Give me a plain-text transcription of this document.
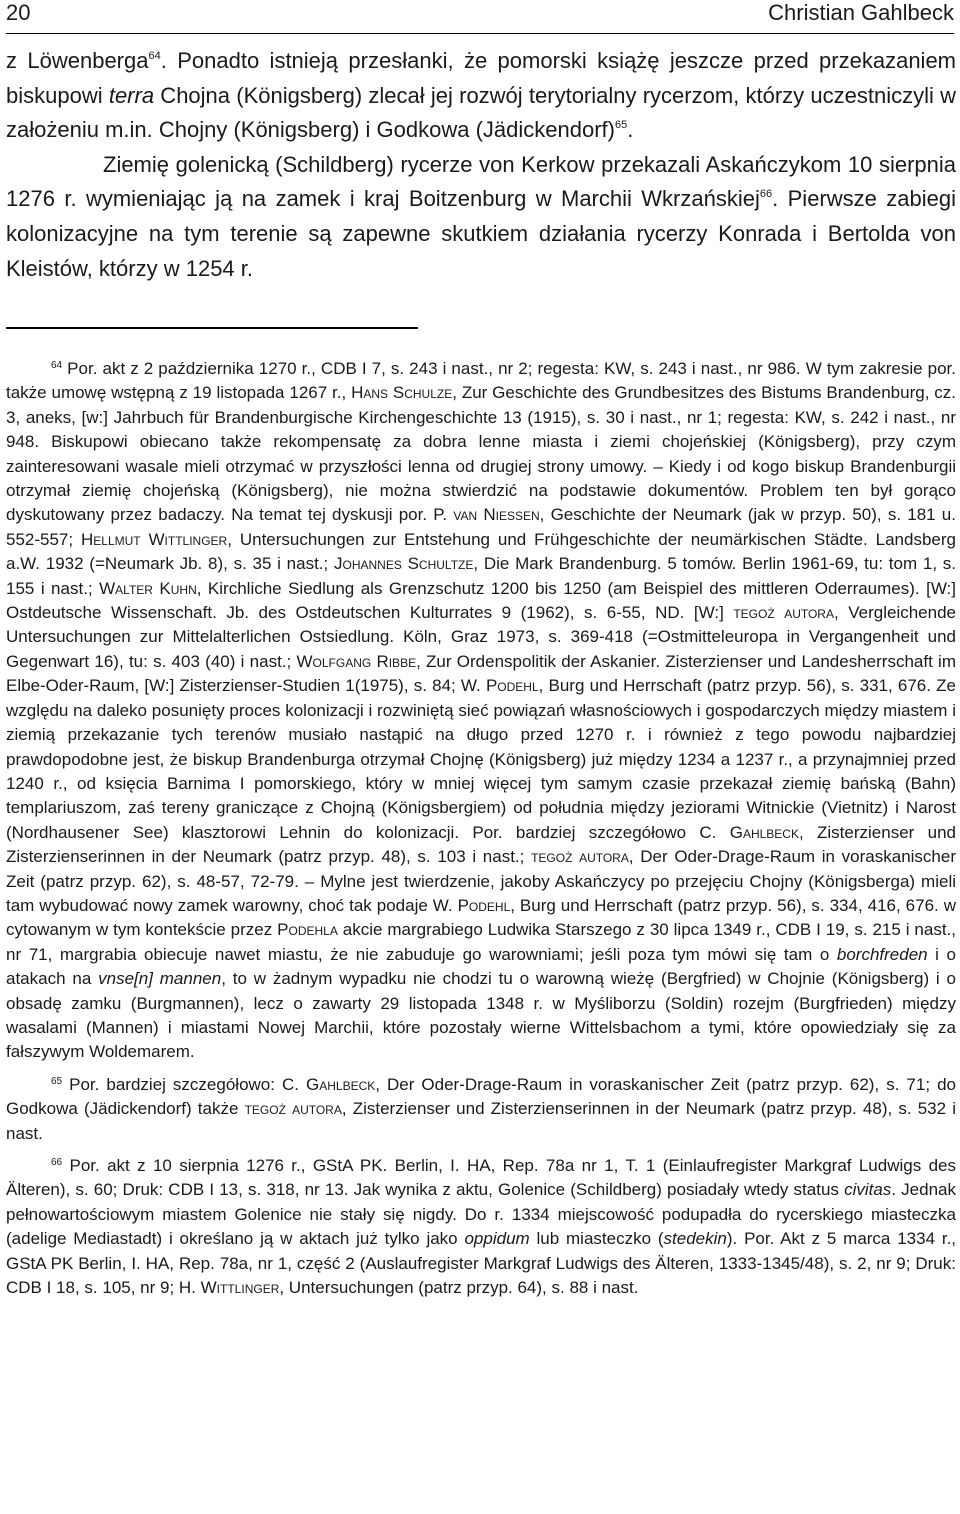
20	Christian Gahlbeck

z Löwenberga$^{64}$. Ponadto istnieją przesłanki, że pomorski książę jeszcze przed przekazaniem biskupowi terra Chojna (Königsberg) zlecał jej rozwój terytorialny rycerzom, którzy uczestniczyli w założeniu m.in. Chojny (Königsberg) i Godkowa (Jädickendorf)$^{65}$.

Ziemię golenicką (Schildberg) rycerze von Kerkow przekazali Askańczykom 10 sierpnia 1276 r. wymieniając ją na zamek i kraj Boitzenburg w Marchii Wkrzańskiej$^{66}$. Pierwsze zabiegi kolonizacyjne na tym terenie są zapewne skutkiem działania rycerzy Konrada i Bertolda von Kleistów, którzy w 1254 r.

$^{64}$ Por. akt z 2 października 1270 r., CDB I 7, s. 243 i nast., nr 2; regesta: KW, s. 243 i nast., nr 986. W tym zakresie por. także umowę wstępną z 19 listopada 1267 r., Hans Schulze, Zur Geschichte des Grundbesitzes des Bistums Brandenburg, cz. 3, aneks, [w:] Jahrbuch für Brandenburgische Kirchengeschichte 13 (1915), s. 30 i nast., nr 1; regesta: KW, s. 242 i nast., nr 948. Biskupowi obiecano także rekompensatę za dobra lenne miasta i ziemi chojeńskiej (Königsberg), przy czym zainteresowani wasale mieli otrzymać w przyszłości lenna od drugiej strony umowy. – Kiedy i od kogo biskup Brandenburgii otrzymał ziemię chojeńską (Königsberg), nie można stwierdzić na podstawie dokumentów. Problem ten był gorąco dyskutowany przez badaczy. Na temat tej dyskusji por. P. van Niessen, Geschichte der Neumark (jak w przyp. 50), s. 181 u. 552-557; Hellmut Wittlinger, Untersuchungen zur Entstehung und Frühgeschichte der neumärkischen Städte. Landsberg a.W. 1932 (=Neumark Jb. 8), s. 35 i nast.; Johannes Schultze, Die Mark Brandenburg. 5 tomów. Berlin 1961-69, tu: tom 1, s. 155 i nast.; Walter Kuhn, Kirchliche Siedlung als Grenzschutz 1200 bis 1250 (am Beispiel des mittleren Oderraumes). [W:] Ostdeutsche Wissenschaft. Jb. des Ostdeutschen Kulturrates 9 (1962), s. 6-55, ND. [W:] tegoż autora, Vergleichende Untersuchungen zur Mittelalterlichen Ostsiedlung. Köln, Graz 1973, s. 369-418 (=Ostmitteleuropa in Vergangenheit und Gegenwart 16), tu: s. 403 (40) i nast.; Wolfgang Ribbe, Zur Ordenspolitik der Askanier. Zisterzienser und Landesherrschaft im Elbe-Oder-Raum, [W:] Zisterzienser-Studien 1(1975), s. 84; W. Podehl, Burg und Herrschaft (patrz przyp. 56), s. 331, 676. Ze względu na daleko posunięty proces kolonizacji i rozwiniętą sieć powiązań własnościowych i gospodarczych między miastem i ziemią przekazanie tych terenów musiało nastąpić na długo przed 1270 r. i również z tego powodu najbardziej prawdopodobne jest, że biskup Brandenburga otrzymał Chojnę (Königsberg) już między 1234 a 1237 r., a przynajmniej przed 1240 r., od księcia Barnima I pomorskiego, który w mniej więcej tym samym czasie przekazał ziemię bańską (Bahn) templariuszom, zaś tereny graniczące z Chojną (Königsbergiem) od południa między jeziorami Witnickie (Vietnitz) i Narost (Nordhausener See) klasztorowi Lehnin do kolonizacji. Por. bardziej szczegółowo C. Gahlbeck, Zisterzienser und Zisterzienserinnen in der Neumark (patrz przyp. 48), s. 103 i nast.; tegoż autora, Der Oder-Drage-Raum in voraskanischer Zeit (patrz przyp. 62), s. 48-57, 72-79. – Mylne jest twierdzenie, jakoby Askańczycy po przejęciu Chojny (Königsberga) mieli tam wybudować nowy zamek warowny, choć tak podaje W. Podehl, Burg und Herrschaft (patrz przyp. 56), s. 334, 416, 676. w cytowanym w tym kontekście przez Podehla akcie margrabiego Ludwika Starszego z 30 lipca 1349 r., CDB I 19, s. 215 i nast., nr 71, margrabia obiecuje nawet miastu, że nie zabuduje go warowniami; jeśli poza tym mówi się tam o borchfreden i o atakach na vnse[n] mannen, to w żadnym wypadku nie chodzi tu o warowną wieżę (Bergfried) w Chojnie (Königsberg) i o obsadę zamku (Burgmannen), lecz o zawarty 29 listopada 1348 r. w Myśliborzu (Soldin) rozejm (Burgfrieden) między wasalami (Mannen) i miastami Nowej Marchii, które pozostały wierne Wittelsbachom a tymi, które opowiedziały się za fałszywym Woldemarem.

$^{65}$ Por. bardziej szczegółowo: C. Gahlbeck, Der Oder-Drage-Raum in voraskanischer Zeit (patrz przyp. 62), s. 71; do Godkowa (Jädickendorf) także tegoż autora, Zisterzienser und Zisterzienserinnen in der Neumark (patrz przyp. 48), s. 532 i nast.

$^{66}$ Por. akt z 10 sierpnia 1276 r., GStA PK. Berlin, I. HA, Rep. 78a nr 1, T. 1 (Einlaufregister Markgraf Ludwigs des Älteren), s. 60; Druk: CDB I 13, s. 318, nr 13. Jak wynika z aktu, Golenice (Schildberg) posiadały wtedy status civitas. Jednak pełnowartościowym miastem Golenice nie stały się nigdy. Do r. 1334 miejscowość podupadła do rycerskiego miasteczka (adelige Mediastadt) i określano ją w aktach już tylko jako oppidum lub miasteczko (stedekin). Por. Akt z 5 marca 1334 r., GStA PK Berlin, I. HA, Rep. 78a, nr 1, część 2 (Auslaufregister Markgraf Ludwigs des Älteren, 1333-1345/48), s. 2, nr 9; Druk: CDB I 18, s. 105, nr 9; H. Wittlinger, Untersuchungen (patrz przyp. 64), s. 88 i nast.
